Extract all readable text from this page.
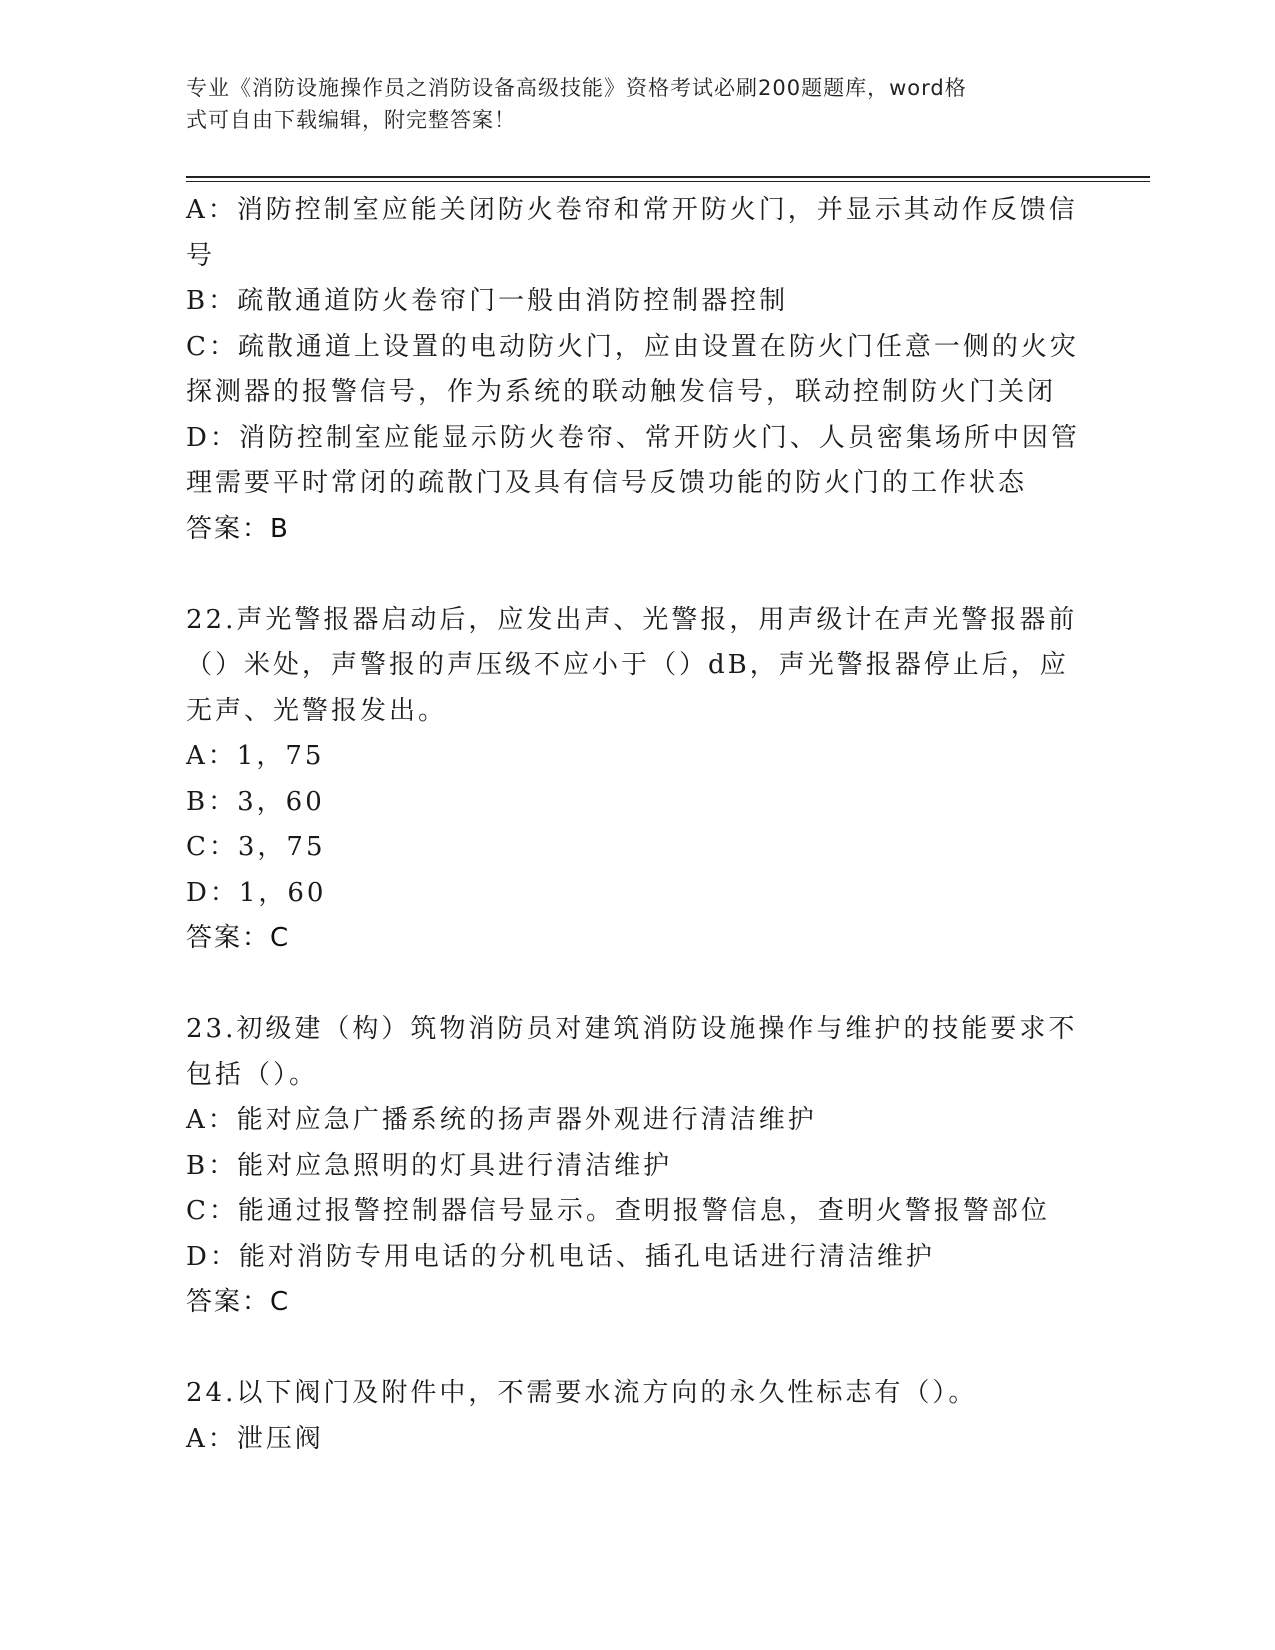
专业《消防设施操作员之消防设备高级技能》资格考试必刷200题题库，word格
式可自由下载编辑，附完整答案！
A：消防控制室应能关闭防火卷帘和常开防火门，并显示其动作反馈信
号
B：疏散通道防火卷帘门一般由消防控制器控制
C：疏散通道上设置的电动防火门，应由设置在防火门任意一侧的火灾
探测器的报警信号，作为系统的联动触发信号，联动控制防火门关闭
D：消防控制室应能显示防火卷帘、常开防火门、人员密集场所中因管
理需要平时常闭的疏散门及具有信号反馈功能的防火门的工作状态
答案：B
22.声光警报器启动后，应发出声、光警报，用声级计在声光警报器前
（）米处，声警报的声压级不应小于（）dB，声光警报器停止后，应
无声、光警报发出。
A：1，75
B：3，60
C：3，75
D：1，60
答案：C
23.初级建（构）筑物消防员对建筑消防设施操作与维护的技能要求不
包括（）。
A：能对应急广播系统的扬声器外观进行清洁维护
B：能对应急照明的灯具进行清洁维护
C：能通过报警控制器信号显示。查明报警信息，查明火警报警部位
D：能对消防专用电话的分机电话、插孔电话进行清洁维护
答案：C
24.以下阀门及附件中，不需要水流方向的永久性标志有（）。
A：泄压阀
